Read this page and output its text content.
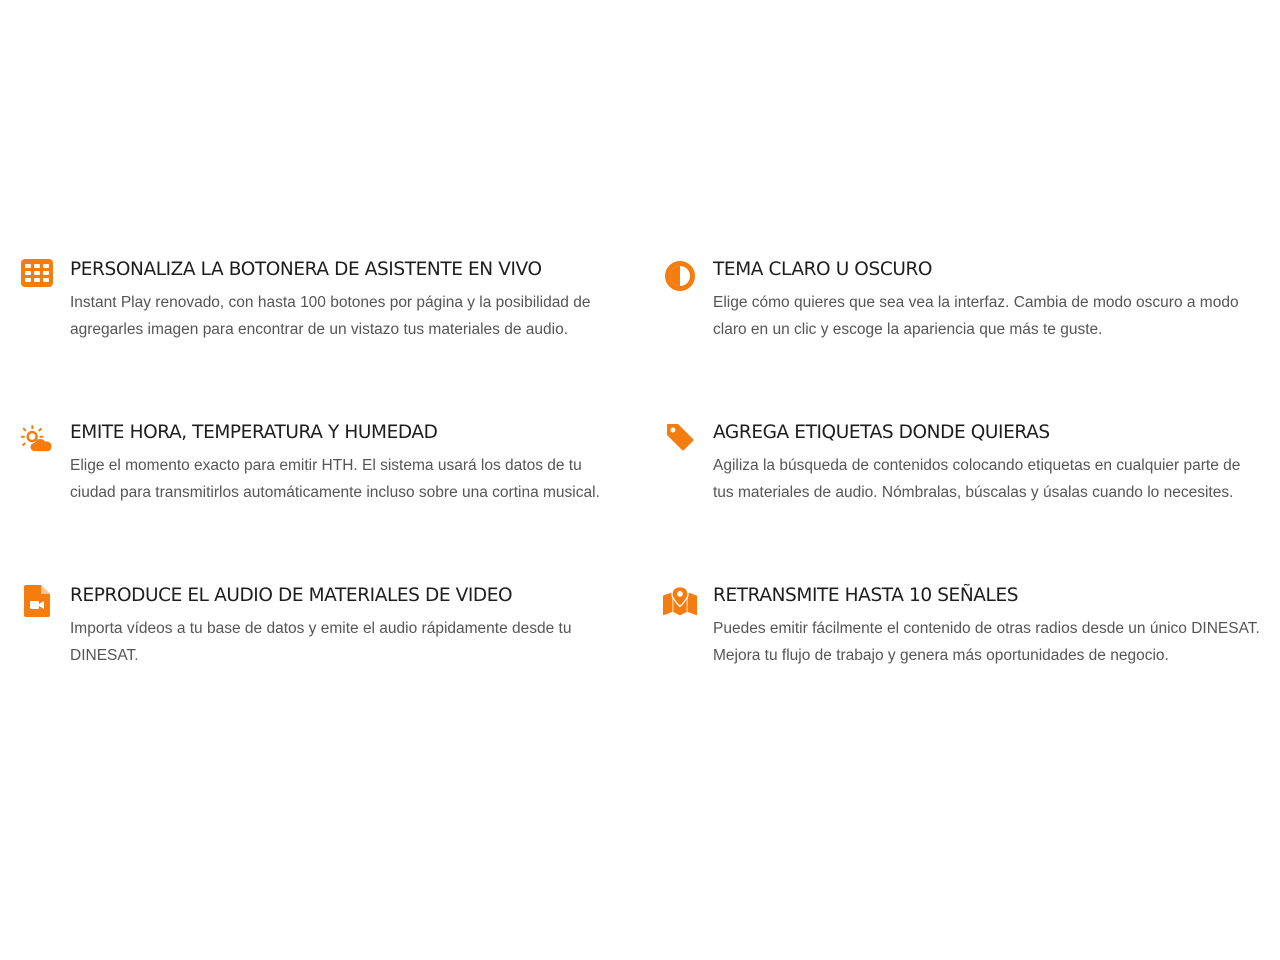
PERSONALIZA LA BOTONERA DE ASISTENTE EN VIVO

Instant Play renovado, con hasta 100 botones por página y la posibilidad de agregarles imagen para encontrar de un vistazo tus materiales de audio.

TEMA CLARO U OSCURO

Elige cómo quieres que sea vea la interfaz. Cambia de modo oscuro a modo claro en un clic y escoge la apariencia que más te guste.

EMITE HORA, TEMPERATURA Y HUMEDAD

Elige el momento exacto para emitir HTH. El sistema usará los datos de tu ciudad para transmitirlos automáticamente incluso sobre una cortina musical.

AGREGA ETIQUETAS DONDE QUIERAS

Agiliza la búsqueda de contenidos colocando etiquetas en cualquier parte de tus materiales de audio. Nómbralas, búscalas y úsalas cuando lo necesites.

REPRODUCE EL AUDIO DE MATERIALES DE VIDEO

Importa vídeos a tu base de datos y emite el audio rápidamente desde tu DINESAT.

RETRANSMITE HASTA 10 SEÑALES

Puedes emitir fácilmente el contenido de otras radios desde un único DINESAT. Mejora tu flujo de trabajo y genera más oportunidades de negocio.
